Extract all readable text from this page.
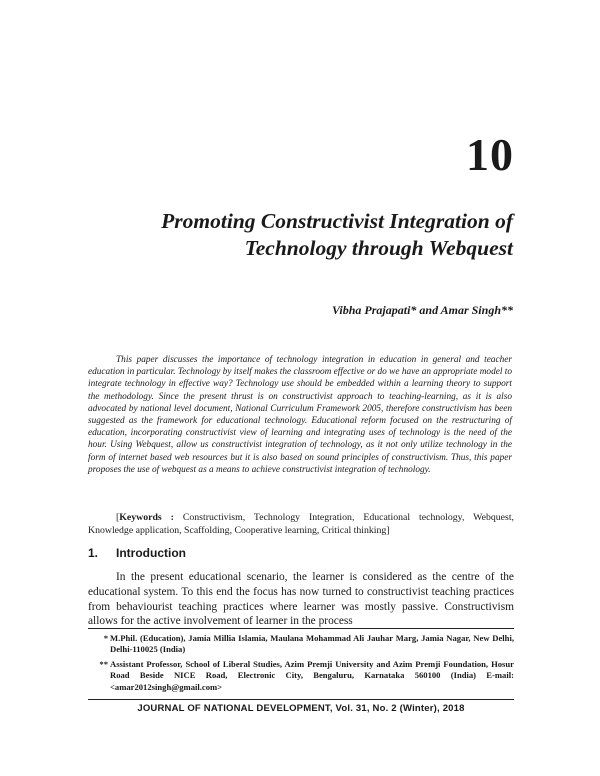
10
Promoting Constructivist Integration of
Technology through Webquest
Vibha Prajapati* and Amar Singh**

This paper discusses the importance of technology integration in education in general and teacher education in particular. Technology by itself makes the classroom effective or do we have an appropriate model to integrate technology in effective way? Technology use should be embedded within a learning theory to support the methodology. Since the present thrust is on constructivist approach to teaching-learning, as it is also advocated by national level document, National Curriculum Framework 2005, therefore constructivism has been suggested as the framework for educational technology. Educational reform focused on the restructuring of education, incorporating constructivist view of learning and integrating uses of technology is the need of the hour. Using Webquest, allow us constructivist integration of technology, as it not only utilize technology in the form of internet based web resources but it is also based on sound principles of constructivism. Thus, this paper proposes the use of webquest as a means to achieve constructivist integration of technology.

[Keywords : Constructivism, Technology Integration, Educational technology, Webquest, Knowledge application, Scaffolding, Cooperative learning, Critical thinking]

1. Introduction

In the present educational scenario, the learner is considered as the centre of the educational system. To this end the focus has now turned to constructivist teaching practices from behaviourist teaching practices where learner was mostly passive. Constructivism allows for the active involvement of learner in the process

* M.Phil. (Education), Jamia Millia Islamia, Maulana Mohammad Ali Jauhar Marg, Jamia Nagar, New Delhi, Delhi-110025 (India)
** Assistant Professor, School of Liberal Studies, Azim Premji University and Azim Premji Foundation, Hosur Road Beside NICE Road, Electronic City, Bengaluru, Karnataka 560100 (India) E-mail: <amar2012singh@gmail.com>
JOURNAL OF NATIONAL DEVELOPMENT, Vol. 31, No. 2 (Winter), 2018
